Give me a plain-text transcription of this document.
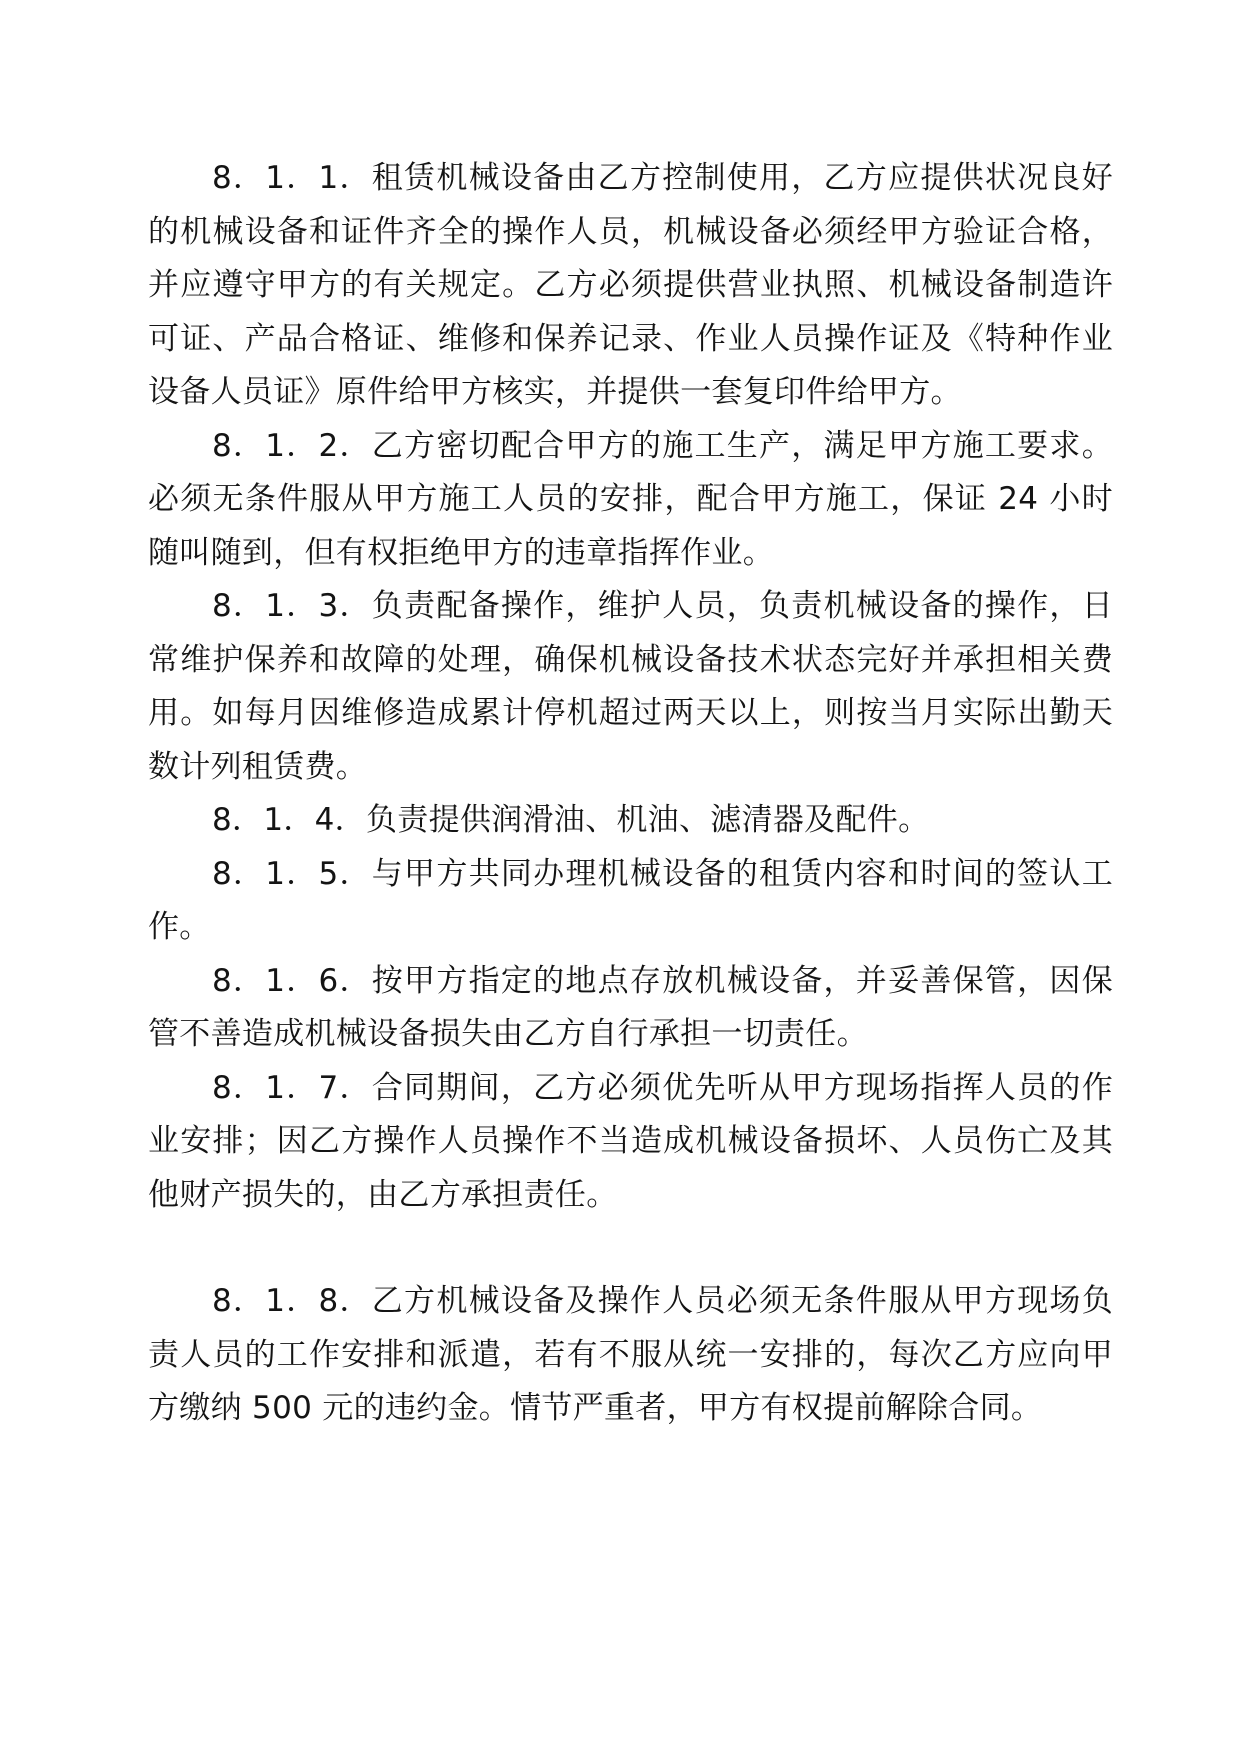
8．1．1．租赁机械设备由乙方控制使用，乙方应提供状况良好的机械设备和证件齐全的操作人员，机械设备必须经甲方验证合格，并应遵守甲方的有关规定。乙方必须提供营业执照、机械设备制造许可证、产品合格证、维修和保养记录、作业人员操作证及《特种作业设备人员证》原件给甲方核实，并提供一套复印件给甲方。

8．1．2．乙方密切配合甲方的施工生产，满足甲方施工要求。必须无条件服从甲方施工人员的安排，配合甲方施工，保证 24 小时随叫随到，但有权拒绝甲方的违章指挥作业。

8．1．3．负责配备操作，维护人员，负责机械设备的操作，日常维护保养和故障的处理，确保机械设备技术状态完好并承担相关费用。如每月因维修造成累计停机超过两天以上，则按当月实际出勤天数计列租赁费。

8．1．4．负责提供润滑油、机油、滤清器及配件。

8．1．5．与甲方共同办理机械设备的租赁内容和时间的签认工作。

8．1．6．按甲方指定的地点存放机械设备，并妥善保管，因保管不善造成机械设备损失由乙方自行承担一切责任。

8．1．7．合同期间，乙方必须优先听从甲方现场指挥人员的作业安排；因乙方操作人员操作不当造成机械设备损坏、人员伤亡及其他财产损失的，由乙方承担责任。

8．1．8．乙方机械设备及操作人员必须无条件服从甲方现场负责人员的工作安排和派遣，若有不服从统一安排的，每次乙方应向甲方缴纳 500 元的违约金。情节严重者，甲方有权提前解除合同。
